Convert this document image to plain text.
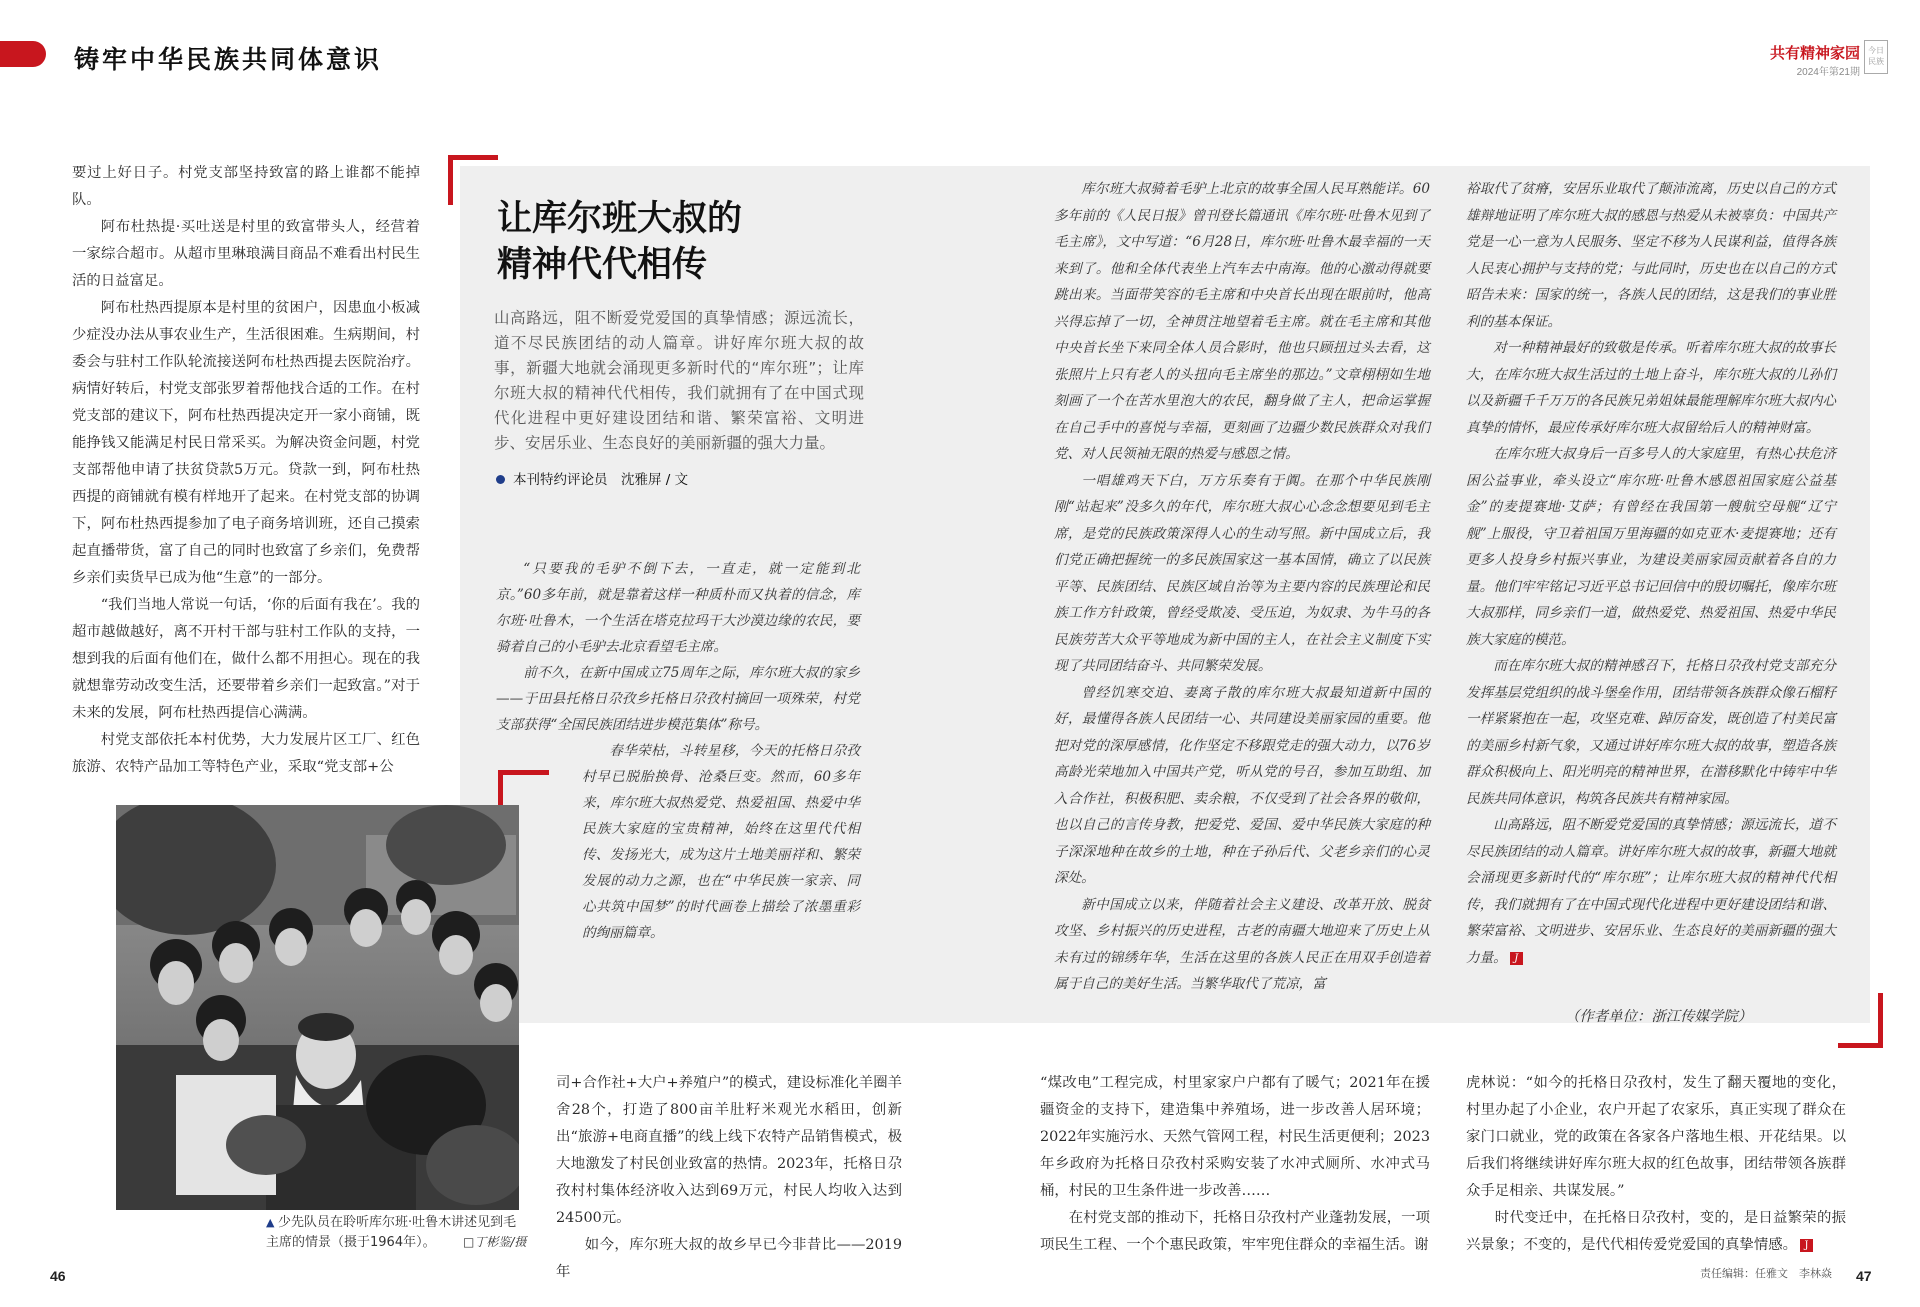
铸牢中华民族共同体意识	共有精神家园
2024年第21期
今日民族

要过上好日子。村党支部坚持致富的路上谁都不能掉队。

阿布杜热提·买吐送是村里的致富带头人，经营着一家综合超市。从超市里琳琅满目商品不难看出村民生活的日益富足。

阿布杜热西提原本是村里的贫困户，因患血小板减少症没办法从事农业生产，生活很困难。生病期间，村委会与驻村工作队轮流接送阿布杜热西提去医院治疗。病情好转后，村党支部张罗着帮他找合适的工作。在村党支部的建议下，阿布杜热西提决定开一家小商铺，既能挣钱又能满足村民日常采买。为解决资金问题，村党支部帮他申请了扶贫贷款5万元。贷款一到，阿布杜热西提的商铺就有模有样地开了起来。在村党支部的协调下，阿布杜热西提参加了电子商务培训班，还自己摸索起直播带货，富了自己的同时也致富了乡亲们，免费帮乡亲们卖货早已成为他“生意”的一部分。

“我们当地人常说一句话，‘你的后面有我在’。我的超市越做越好，离不开村干部与驻村工作队的支持，一想到我的后面有他们在，做什么都不用担心。现在的我就想靠劳动改变生活，还要带着乡亲们一起致富。”对于未来的发展，阿布杜热西提信心满满。

村党支部依托本村优势，大力发展片区工厂、红色旅游、农特产品加工等特色产业，采取“党支部+公

让库尔班大叔的
精神代代相传
山高路远，阻不断爱党爱国的真挚情感；源远流长，道不尽民族团结的动人篇章。讲好库尔班大叔的故事，新疆大地就会涌现更多新时代的“库尔班”；让库尔班大叔的精神代代相传，我们就拥有了在中国式现代化进程中更好建设团结和谐、繁荣富裕、文明进步、安居乐业、生态良好的美丽新疆的强大力量。
本刊特约评论员　沈雅屏 / 文

“只要我的毛驴不倒下去，一直走，就一定能到北京。”60多年前，就是靠着这样一种质朴而又执着的信念，库尔班·吐鲁木，一个生活在塔克拉玛干大沙漠边缘的农民，要骑着自己的小毛驴去北京看望毛主席。

前不久，在新中国成立75周年之际，库尔班大叔的家乡——于田县托格日尕孜乡托格日尕孜村摘回一项殊荣，村党支部获得“全国民族团结进步模范集体”称号。

春华荣枯，斗转星移，今天的托格日尕孜村早已脱胎换骨、沧桑巨变。然而，60多年来，库尔班大叔热爱党、热爱祖国、热爱中华民族大家庭的宝贵精神，始终在这里代代相传、发扬光大，成为这片土地美丽祥和、繁荣发展的动力之源，也在“中华民族一家亲、同心共筑中国梦”的时代画卷上描绘了浓墨重彩的绚丽篇章。

库尔班大叔骑着毛驴上北京的故事全国人民耳熟能详。60多年前的《人民日报》曾刊登长篇通讯《库尔班·吐鲁木见到了毛主席》，文中写道：“6月28日，库尔班·吐鲁木最幸福的一天来到了。他和全体代表坐上汽车去中南海。他的心激动得就要跳出来。当面带笑容的毛主席和中央首长出现在眼前时，他高兴得忘掉了一切，全神贯注地望着毛主席。就在毛主席和其他中央首长坐下来同全体人员合影时，他也只顾扭过头去看，这张照片上只有老人的头扭向毛主席坐的那边。”文章栩栩如生地刻画了一个在苦水里泡大的农民，翻身做了主人，把命运掌握在自己手中的喜悦与幸福，更刻画了边疆少数民族群众对我们党、对人民领袖无限的热爱与感恩之情。

一唱雄鸡天下白，万方乐奏有于阗。在那个中华民族刚刚“站起来”没多久的年代，库尔班大叔心心念念想要见到毛主席，是党的民族政策深得人心的生动写照。新中国成立后，我们党正确把握统一的多民族国家这一基本国情，确立了以民族平等、民族团结、民族区域自治等为主要内容的民族理论和民族工作方针政策，曾经受欺凌、受压迫，为奴隶、为牛马的各民族劳苦大众平等地成为新中国的主人，在社会主义制度下实现了共同团结奋斗、共同繁荣发展。

曾经饥寒交迫、妻离子散的库尔班大叔最知道新中国的好，最懂得各族人民团结一心、共同建设美丽家园的重要。他把对党的深厚感情，化作坚定不移跟党走的强大动力，以76岁高龄光荣地加入中国共产党，听从党的号召，参加互助组、加入合作社，积极积肥、卖余粮，不仅受到了社会各界的敬仰，也以自己的言传身教，把爱党、爱国、爱中华民族大家庭的种子深深地种在故乡的土地，种在子孙后代、父老乡亲们的心灵深处。

新中国成立以来，伴随着社会主义建设、改革开放、脱贫攻坚、乡村振兴的历史进程，古老的南疆大地迎来了历史上从未有过的锦绣年华，生活在这里的各族人民正在用双手创造着属于自己的美好生活。当繁华取代了荒凉，富

裕取代了贫瘠，安居乐业取代了颠沛流离，历史以自己的方式雄辩地证明了库尔班大叔的感恩与热爱从未被辜负：中国共产党是一心一意为人民服务、坚定不移为人民谋利益，值得各族人民衷心拥护与支持的党；与此同时，历史也在以自己的方式昭告未来：国家的统一，各族人民的团结，这是我们的事业胜利的基本保证。

对一种精神最好的致敬是传承。听着库尔班大叔的故事长大，在库尔班大叔生活过的土地上奋斗，库尔班大叔的儿孙们以及新疆千千万万的各民族兄弟姐妹最能理解库尔班大叔内心真挚的情怀，最应传承好库尔班大叔留给后人的精神财富。

在库尔班大叔身后一百多号人的大家庭里，有热心扶危济困公益事业，牵头设立“库尔班·吐鲁木感恩祖国家庭公益基金”的麦提赛地·艾萨；有曾经在我国第一艘航空母舰“辽宁舰”上服役，守卫着祖国万里海疆的如克亚木·麦提赛地；还有更多人投身乡村振兴事业，为建设美丽家园贡献着各自的力量。他们牢牢铭记习近平总书记回信中的殷切嘱托，像库尔班大叔那样，同乡亲们一道，做热爱党、热爱祖国、热爱中华民族大家庭的模范。

而在库尔班大叔的精神感召下，托格日尕孜村党支部充分发挥基层党组织的战斗堡垒作用，团结带领各族群众像石榴籽一样紧紧抱在一起，攻坚克难、踔厉奋发，既创造了村美民富的美丽乡村新气象，又通过讲好库尔班大叔的故事，塑造各族群众积极向上、阳光明亮的精神世界，在潜移默化中铸牢中华民族共同体意识，构筑各民族共有精神家园。

山高路远，阻不断爱党爱国的真挚情感；源远流长，道不尽民族团结的动人篇章。讲好库尔班大叔的故事，新疆大地就会涌现更多新时代的“库尔班”；让库尔班大叔的精神代代相传，我们就拥有了在中国式现代化进程中更好建设团结和谐、繁荣富裕、文明进步、安居乐业、生态良好的美丽新疆的强大力量。 J

（作者单位：浙江传媒学院）
▲ 少先队员在聆听库尔班·吐鲁木讲述见到毛主席的情景（摄于1964年）。	□丁彬鉴/摄

司+合作社+大户+养殖户”的模式，建设标准化羊圈羊舍28个，打造了800亩羊肚籽米观光水稻田，创新出“旅游+电商直播”的线上线下农特产品销售模式，极大地激发了村民创业致富的热情。2023年，托格日尕孜村村集体经济收入达到69万元，村民人均收入达到24500元。

如今，库尔班大叔的故乡早已今非昔比——2019年

“煤改电”工程完成，村里家家户户都有了暖气；2021年在援疆资金的支持下，建造集中养殖场，进一步改善人居环境；2022年实施污水、天然气管网工程，村民生活更便利；2023年乡政府为托格日尕孜村采购安装了水冲式厕所、水冲式马桶，村民的卫生条件进一步改善……

在村党支部的推动下，托格日尕孜村产业蓬勃发展，一项项民生工程、一个个惠民政策，牢牢兜住群众的幸福生活。谢

虎林说：“如今的托格日尕孜村，发生了翻天覆地的变化，村里办起了小企业，农户开起了农家乐，真正实现了群众在家门口就业，党的政策在各家各户落地生根、开花结果。以后我们将继续讲好库尔班大叔的红色故事，团结带领各族群众手足相亲、共谋发展。”

时代变迁中，在托格日尕孜村，变的，是日益繁荣的振兴景象；不变的，是代代相传爱党爱国的真挚情感。 J

46	责任编辑：任雅文　李林焱 47
